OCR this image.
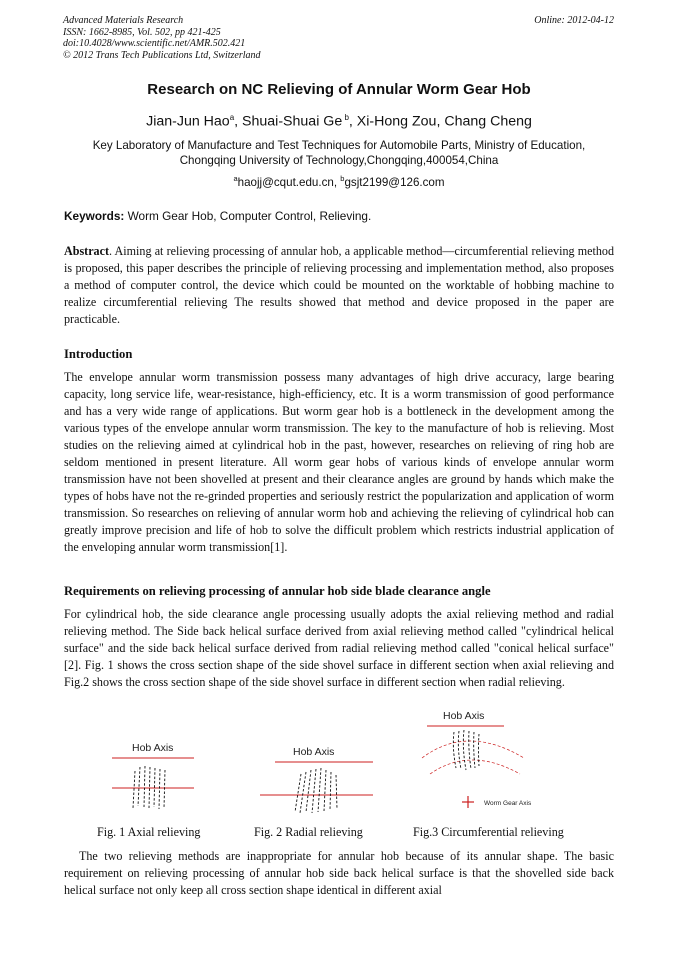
Advanced Materials Research
ISSN: 1662-8985, Vol. 502, pp 421-425
doi:10.4028/www.scientific.net/AMR.502.421
© 2012 Trans Tech Publications Ltd, Switzerland
Online: 2012-04-12
Research on NC Relieving of Annular Worm Gear Hob
Jian-Jun Hao$^a$, Shuai-Shuai Ge $^b$, Xi-Hong Zou, Chang Cheng
Key Laboratory of Manufacture and Test Techniques for Automobile Parts, Ministry of Education,
Chongqing University of Technology,Chongqing,400054,China
$^a$haojj@cqut.edu.cn, $^b$gsjt2199@126.com
Keywords: Worm Gear Hob, Computer Control, Relieving.
Abstract. Aiming at relieving processing of annular hob, a applicable method—circumferential relieving method is proposed, this paper describes the principle of relieving processing and implementation method, also proposes a method of computer control, the device which could be mounted on the worktable of hobbing machine to realize circumferential relieving The results showed that method and device proposed in the paper are practicable.
Introduction
The envelope annular worm transmission possess many advantages of high drive accuracy, large bearing capacity, long service life, wear-resistance, high-efficiency, etc. It is a worm transmission of good performance and has a very wide range of applications. But worm gear hob is a bottleneck in the development among the various types of the envelope annular worm transmission. The key to the manufacture of hob is relieving. Most studies on the relieving aimed at cylindrical hob in the past, however, researches on relieving of ring hob are seldom mentioned in present literature. All worm gear hobs of various kinds of envelope annular worm transmission have not been shovelled at present and their clearance angles are ground by hands which make the types of hobs have not the re-grinded properties and seriously restrict the popularization and application of worm transmission. So researches on relieving of annular worm hob and achieving the relieving of cylindrical hob can greatly improve precision and life of hob to solve the difficult problem which restricts industrial application of the enveloping annular worm transmission[1].
Requirements on relieving processing of annular hob side blade clearance angle
For cylindrical hob, the side clearance angle processing usually adopts the axial relieving method and radial relieving method. The Side back helical surface derived from axial relieving method called "cylindrical helical surface" and the side back helical surface derived from radial relieving method called "conical helical surface"[2]. Fig. 1 shows the cross section shape of the side shovel surface in different section when axial relieving and Fig.2 shows the cross section shape of the side shovel surface in different section when radial relieving.
Hob Axis	Hob Axis
Hob Axis
Worm Gear Axis
Fig. 1 Axial relieving	Fig. 2 Radial relieving	Fig.3 Circumferential relieving
The two relieving methods are inappropriate for annular hob because of its annular shape. The basic requirement on relieving processing of annular hob side back helical surface is that the shovelled side back helical surface not only keep all cross section shape identical in different axial
